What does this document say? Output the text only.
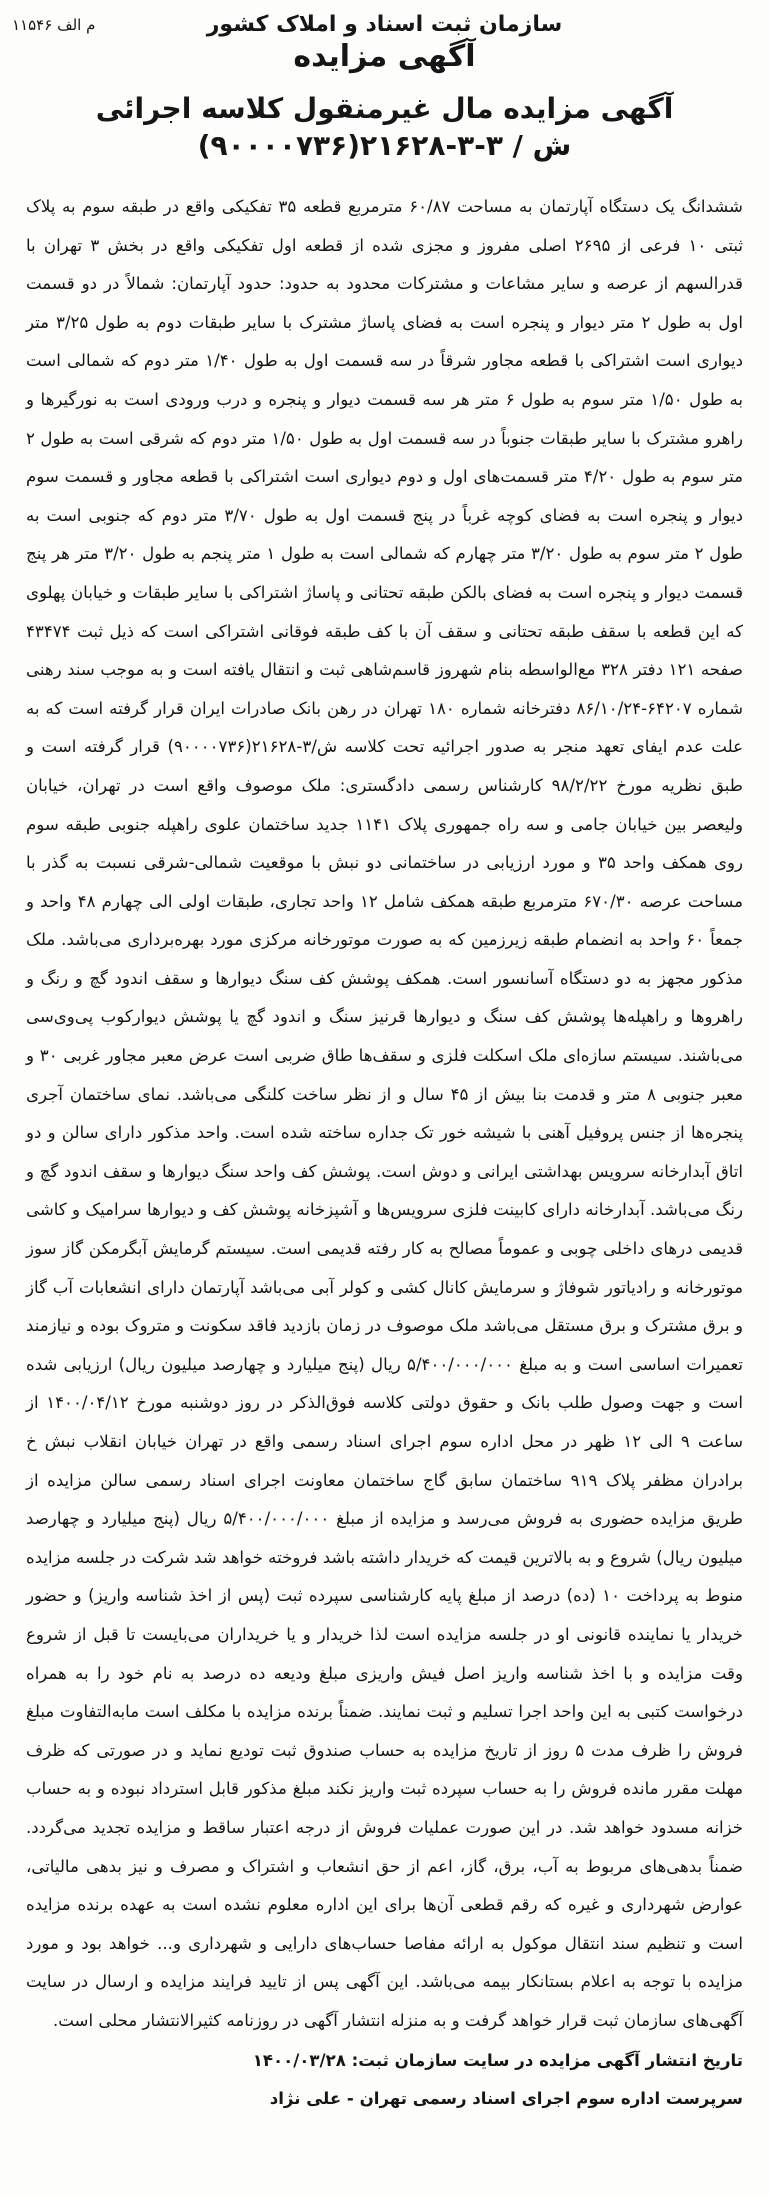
م الف ۱۱۵۴۶	سازمان ثبت اسناد و املاک کشور
آگهی مزایده
آگهی مزایده مال غیرمنقول کلاسه اجرائی
ش / ۳-۳-۲۱۶۲۸(۹۰۰۰۰۷۳۶)
ششدانگ یک دستگاه آپارتمان به مساحت ۶۰/۸۷ مترمربع قطعه ۳۵ تفکیکی واقع در طبقه سوم به پلاک ثبتی ۱۰ فرعی از ۲۶۹۵ اصلی مفروز و مجزی شده از قطعه اول تفکیکی واقع در بخش ۳ تهران با قدرالسهم از عرصه و سایر مشاعات و مشترکات محدود به حدود: حدود آپارتمان: شمالاً در دو قسمت اول به طول ۲ متر دیوار و پنجره است به فضای پاساژ مشترک با سایر طبقات دوم به طول ۳/۲۵ متر دیواری است اشتراکی با قطعه مجاور شرقاً در سه قسمت اول به طول ۱/۴۰ متر دوم که شمالی است به طول ۱/۵۰ متر سوم به طول ۶ متر هر سه قسمت دیوار و پنجره و درب ورودی است به نورگیرها و راهرو مشترک با سایر طبقات جنوباً در سه قسمت اول به طول ۱/۵۰ متر دوم که شرقی است به طول ۲ متر سوم به طول ۴/۲۰ متر قسمت‌های اول و دوم دیواری است اشتراکی با قطعه مجاور و قسمت سوم دیوار و پنجره است به فضای کوچه غرباً در پنج قسمت اول به طول ۳/۷۰ متر دوم که جنوبی است به طول ۲ متر سوم به طول ۳/۲۰ متر چهارم که شمالی است به طول ۱ متر پنجم به طول ۳/۲۰ متر هر پنج قسمت دیوار و پنجره است به فضای بالکن طبقه تحتانی و پاساژ اشتراکی با سایر طبقات و خیابان پهلوی که این قطعه با سقف طبقه تحتانی و سقف آن با کف طبقه فوقانی اشتراکی است که ذیل ثبت ۴۳۴۷۴ صفحه ۱۲۱ دفتر ۳۲۸ مع‌الواسطه بنام شهروز قاسم‌شاهی ثبت و انتقال یافته است و به موجب سند رهنی شماره ۶۴۲۰۷-۸۶/۱۰/۲۴ دفترخانه شماره ۱۸۰ تهران در رهن بانک صادرات ایران قرار گرفته است که به علت عدم ایفای تعهد منجر به صدور اجرائیه تحت کلاسه ش/۳-۲۱۶۲۸(۹۰۰۰۰۷۳۶) قرار گرفته است و طبق نظریه مورخ ۹۸/۲/۲۲ کارشناس رسمی دادگستری: ملک موصوف واقع است در تهران، خیابان ولیعصر بین خیابان جامی و سه راه جمهوری پلاک ۱۱۴۱ جدید ساختمان علوی راهپله جنوبی طبقه سوم روی همکف واحد ۳۵ و مورد ارزیابی در ساختمانی دو نبش با موقعیت شمالی-شرقی نسبت به گذر با مساحت عرصه ۶۷۰/۳۰ مترمربع طبقه همکف شامل ۱۲ واحد تجاری، طبقات اولی الی چهارم ۴۸ واحد و جمعاً ۶۰ واحد به انضمام طبقه زیرزمین که به صورت موتورخانه مرکزی مورد بهره‌برداری می‌باشد. ملک مذکور مجهز به دو دستگاه آسانسور است. همکف پوشش کف سنگ دیوارها و سقف اندود گچ و رنگ و راهروها و راهپله‌ها پوشش کف سنگ و دیوارها قرنیز سنگ و اندود گچ یا پوشش دیوارکوب پی‌وی‌سی می‌باشند. سیستم سازه‌ای ملک اسکلت فلزی و سقف‌ها طاق ضربی است عرض معبر مجاور غربی ۳۰ و معبر جنوبی ۸ متر و قدمت بنا بیش از ۴۵ سال و از نظر ساخت کلنگی می‌باشد. نمای ساختمان آجری پنجره‌ها از جنس پروفیل آهنی با شیشه خور تک جداره ساخته شده است. واحد مذکور دارای سالن و دو اتاق آبدارخانه سرویس بهداشتی ایرانی و دوش است. پوشش کف واحد سنگ دیوارها و سقف اندود گچ و رنگ می‌باشد. آبدارخانه دارای کابینت فلزی سرویس‌ها و آشپزخانه پوشش کف و دیوارها سرامیک و کاشی قدیمی درهای داخلی چوبی و عموماً مصالح به کار رفته قدیمی است. سیستم گرمایش آبگرمکن گاز سوز موتورخانه و رادیاتور شوفاژ و سرمایش کانال کشی و کولر آبی می‌باشد آپارتمان دارای انشعابات آب گاز و برق مشترک و برق مستقل می‌باشد ملک موصوف در زمان بازدید فاقد سکونت و متروک بوده و نیازمند تعمیرات اساسی است و به مبلغ ۵/۴۰۰/۰۰۰/۰۰۰ ریال (پنج میلیارد و چهارصد میلیون ریال) ارزیابی شده است و جهت وصول طلب بانک و حقوق دولتی کلاسه فوق‌الذکر در روز دوشنبه مورخ ۱۴۰۰/۰۴/۱۲ از ساعت ۹ الی ۱۲ ظهر در محل اداره سوم اجرای اسناد رسمی واقع در تهران خیابان انقلاب نبش خ برادران مظفر پلاک ۹۱۹ ساختمان سابق گاج ساختمان معاونت اجرای اسناد رسمی سالن مزایده از طریق مزایده حضوری به فروش می‌رسد و مزایده از مبلغ ۵/۴۰۰/۰۰۰/۰۰۰ ریال (پنج میلیارد و چهارصد میلیون ریال) شروع و به بالاترین قیمت که خریدار داشته باشد فروخته خواهد شد شرکت در جلسه مزایده منوط به پرداخت ۱۰ (ده) درصد از مبلغ پایه کارشناسی سپرده ثبت (پس از اخذ شناسه واریز) و حضور خریدار یا نماینده قانونی او در جلسه مزایده است لذا خریدار و یا خریداران می‌بایست تا قبل از شروع وقت مزایده و با اخذ شناسه واریز اصل فیش واریزی مبلغ ودیعه ده درصد به نام خود را به همراه درخواست کتبی به این واحد اجرا تسلیم و ثبت نمایند. ضمناً برنده مزایده با مکلف است مابه‌التفاوت مبلغ فروش را ظرف مدت ۵ روز از تاریخ مزایده به حساب صندوق ثبت تودیع نماید و در صورتی که ظرف مهلت مقرر مانده فروش را به حساب سپرده ثبت واریز نکند مبلغ مذکور قابل استرداد نبوده و به حساب خزانه مسدود خواهد شد. در این صورت عملیات فروش از درجه اعتبار ساقط و مزایده تجدید می‌گردد. ضمناً بدهی‌های مربوط به آب، برق، گاز، اعم از حق انشعاب و اشتراک و مصرف و نیز بدهی مالیاتی، عوارض شهرداری و غیره که رقم قطعی آن‌ها برای این اداره معلوم نشده است به عهده برنده مزایده است و تنظیم سند انتقال موکول به ارائه مفاصا حساب‌های دارایی و شهرداری و... خواهد بود و مورد مزایده با توجه به اعلام بستانکار بیمه می‌باشد. این آگهی پس از تایید فرایند مزایده و ارسال در سایت آگهی‌های سازمان ثبت قرار خواهد گرفت و به منزله انتشار آگهی در روزنامه کثیرالانتشار محلی است.
تاریخ انتشار آگهی مزایده در سایت سازمان ثبت: ۱۴۰۰/۰۳/۲۸
سرپرست اداره سوم اجرای اسناد رسمی تهران - علی نژاد
